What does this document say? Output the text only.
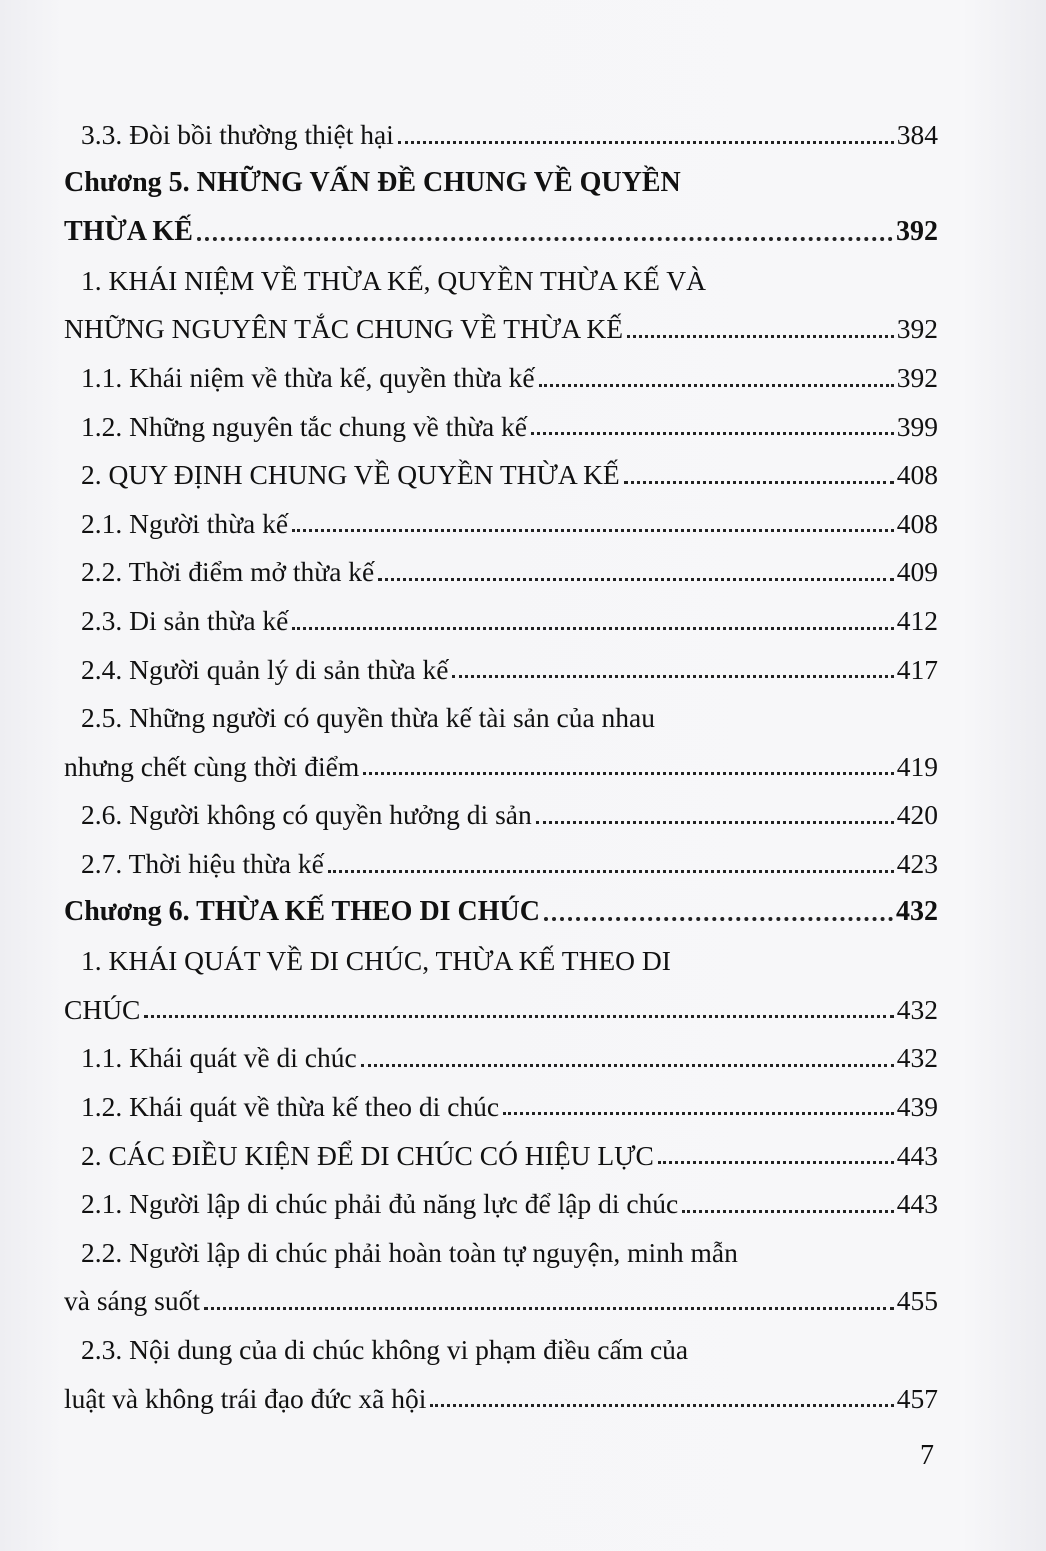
3.3. Đòi bồi thường thiệt hại	384
Chương 5. NHỮNG VẤN ĐỀ CHUNG VỀ QUYỀN
THỪA KẾ	392
1. KHÁI NIỆM VỀ THỪA KẾ, QUYỀN THỪA KẾ VÀ
NHỮNG NGUYÊN TẮC CHUNG VỀ THỪA KẾ	392
1.1. Khái niệm về thừa kế, quyền thừa kế	392
1.2. Những nguyên tắc chung về thừa kế	399
2. QUY ĐỊNH CHUNG VỀ QUYỀN THỪA KẾ	408
2.1. Người thừa kế	408
2.2. Thời điểm mở thừa kế	409
2.3. Di sản thừa kế	412
2.4. Người quản lý di sản thừa kế	417
2.5. Những người có quyền thừa kế tài sản của nhau
nhưng chết cùng thời điểm	419
2.6. Người không có quyền hưởng di sản	420
2.7. Thời hiệu thừa kế	423
Chương 6. THỪA KẾ THEO DI CHÚC	432
1. KHÁI QUÁT VỀ DI CHÚC, THỪA KẾ THEO DI
CHÚC	432
1.1. Khái quát về di chúc	432
1.2. Khái quát về thừa kế theo di chúc	439
2. CÁC ĐIỀU KIỆN ĐỂ DI CHÚC CÓ HIỆU LỰC	443
2.1. Người lập di chúc phải đủ năng lực để lập di chúc	443
2.2. Người lập di chúc phải hoàn toàn tự nguyện, minh mẫn
và sáng suốt	455
2.3. Nội dung của di chúc không vi phạm điều cấm của
luật và không trái đạo đức xã hội	457
7
